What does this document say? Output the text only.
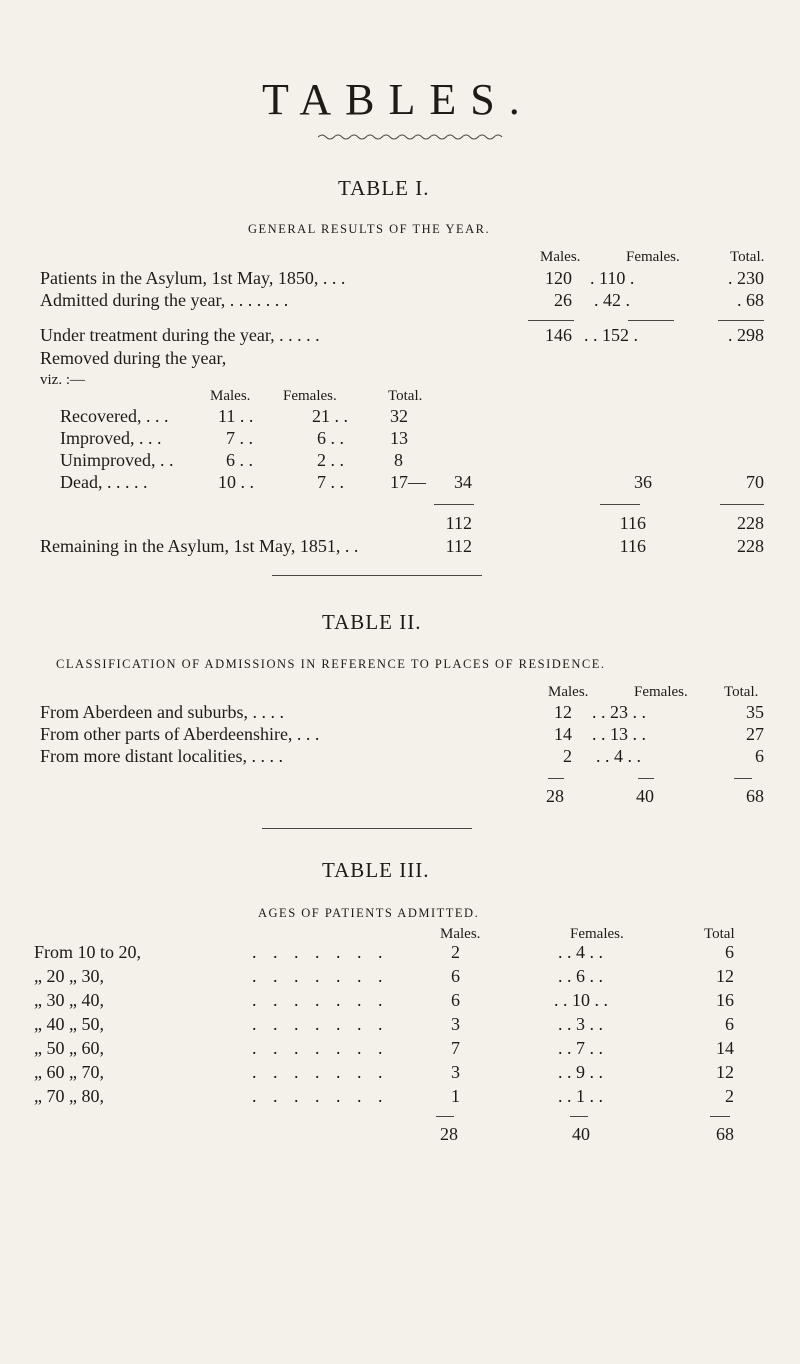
TABLES.
TABLE I.
GENERAL RESULTS OF THE YEAR.
Males.	Females.	Total.
Patients in the Asylum, 1st May, 1850, . . .	120 . 110 .	. 230
Admitted during the year, . . . . . . .	26 . 42 .	. 68
Under treatment during the year, . . . . .	146 . . 152 .	. 298
Removed during the year,
viz. :—
Males. Females.	Total.
Recovered, . . .	11 . .	21 . . 32
Improved, . . .	7 . .	6 . .	13
Unimproved, . .	6 . .	2 . .	8
Dead, . . . . .	10 . .	7 . .	17—	34	36	70
112	116	228
Remaining in the Asylum, 1st May, 1851, . .	112	116	228
TABLE II.
CLASSIFICATION OF ADMISSIONS IN REFERENCE TO PLACES OF RESIDENCE.
Males.	Females. Total.
From Aberdeen and suburbs, . . . .	12 . . 23 . .	35
From other parts of Aberdeenshire, . . .	14 . . 13 . .	27
From more distant localities, . . . .	2 . . 4 . .	6
28	40	68
TABLE III.
AGES OF PATIENTS ADMITTED.
Males.	Females.	Total
From 10 to 20,	. . . . . . .	2	. . 4 . .	6
„ 20 „ 30,	. . . . . . .	6	. . 6 . .	12
„ 30 „ 40,	. . . . . . .	6	. . 10 . .	16
„ 40 „ 50,	. . . . . . .	3	. . 3 . .	6
„ 50 „ 60,	. . . . . . .	7	. . 7 . .	14
„ 60 „ 70,	. . . . . . .	3	. . 9 . .	12
„ 70 „ 80,	. . . . . . .	1	. . 1 . .	2
28	40	68
